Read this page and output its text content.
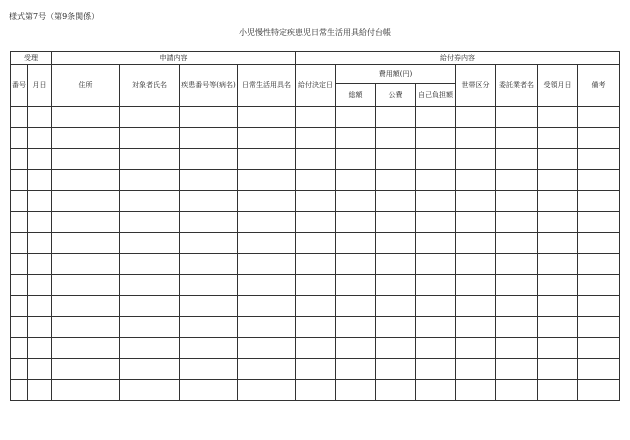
様式第7号（第9条関係）
小児慢性特定疾患児日常生活用具給付台帳
受理		申請内容				給付券内容							
番号	月日	住所	対象者氏名	疾患番号等(病名)	日常生活用具名	給付決定日	費用額(円)			世帯区分	委託業者名	受領月日	備考
							総額	公費	自己負担額				
